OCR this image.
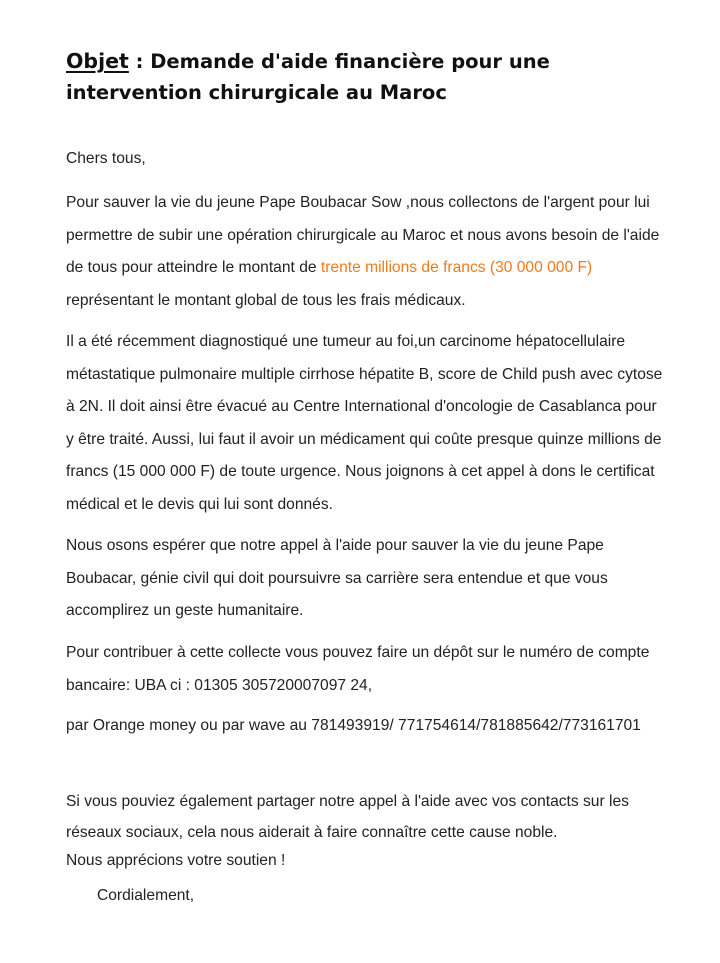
Objet : Demande d'aide financière pour une intervention chirurgicale au Maroc

Chers tous,

Pour sauver la vie du jeune Pape Boubacar Sow ,nous collectons de l'argent pour lui permettre de subir une opération chirurgicale au Maroc et nous avons besoin de l'aide de tous pour atteindre le montant de trente millions de francs (30 000 000 F) représentant le montant global de tous les frais médicaux.

Il a été récemment diagnostiqué une tumeur au foi,un carcinome hépatocellulaire métastatique pulmonaire multiple cirrhose hépatite B, score de Child push avec cytose à 2N. Il doit ainsi être évacué au Centre International d'oncologie de Casablanca pour y être traité. Aussi, lui faut il avoir un médicament qui coûte presque quinze millions de francs (15 000 000 F) de toute urgence. Nous joignons à cet appel à dons le certificat médical et le devis qui lui sont donnés.

Nous osons espérer que notre appel à l'aide pour sauver la vie du jeune Pape Boubacar, génie civil qui doit poursuivre sa carrière sera entendue et que vous accomplirez un geste humanitaire.

Pour contribuer à cette collecte vous pouvez faire un dépôt sur le numéro de compte bancaire: UBA ci : 01305 305720007097 24,

par Orange money ou par wave au 781493919/ 771754614/781885642/773161701

Si vous pouviez également partager notre appel à l'aide avec vos contacts sur les réseaux sociaux, cela nous aiderait à faire connaître cette cause noble.

Nous apprécions votre soutien !

Cordialement,
